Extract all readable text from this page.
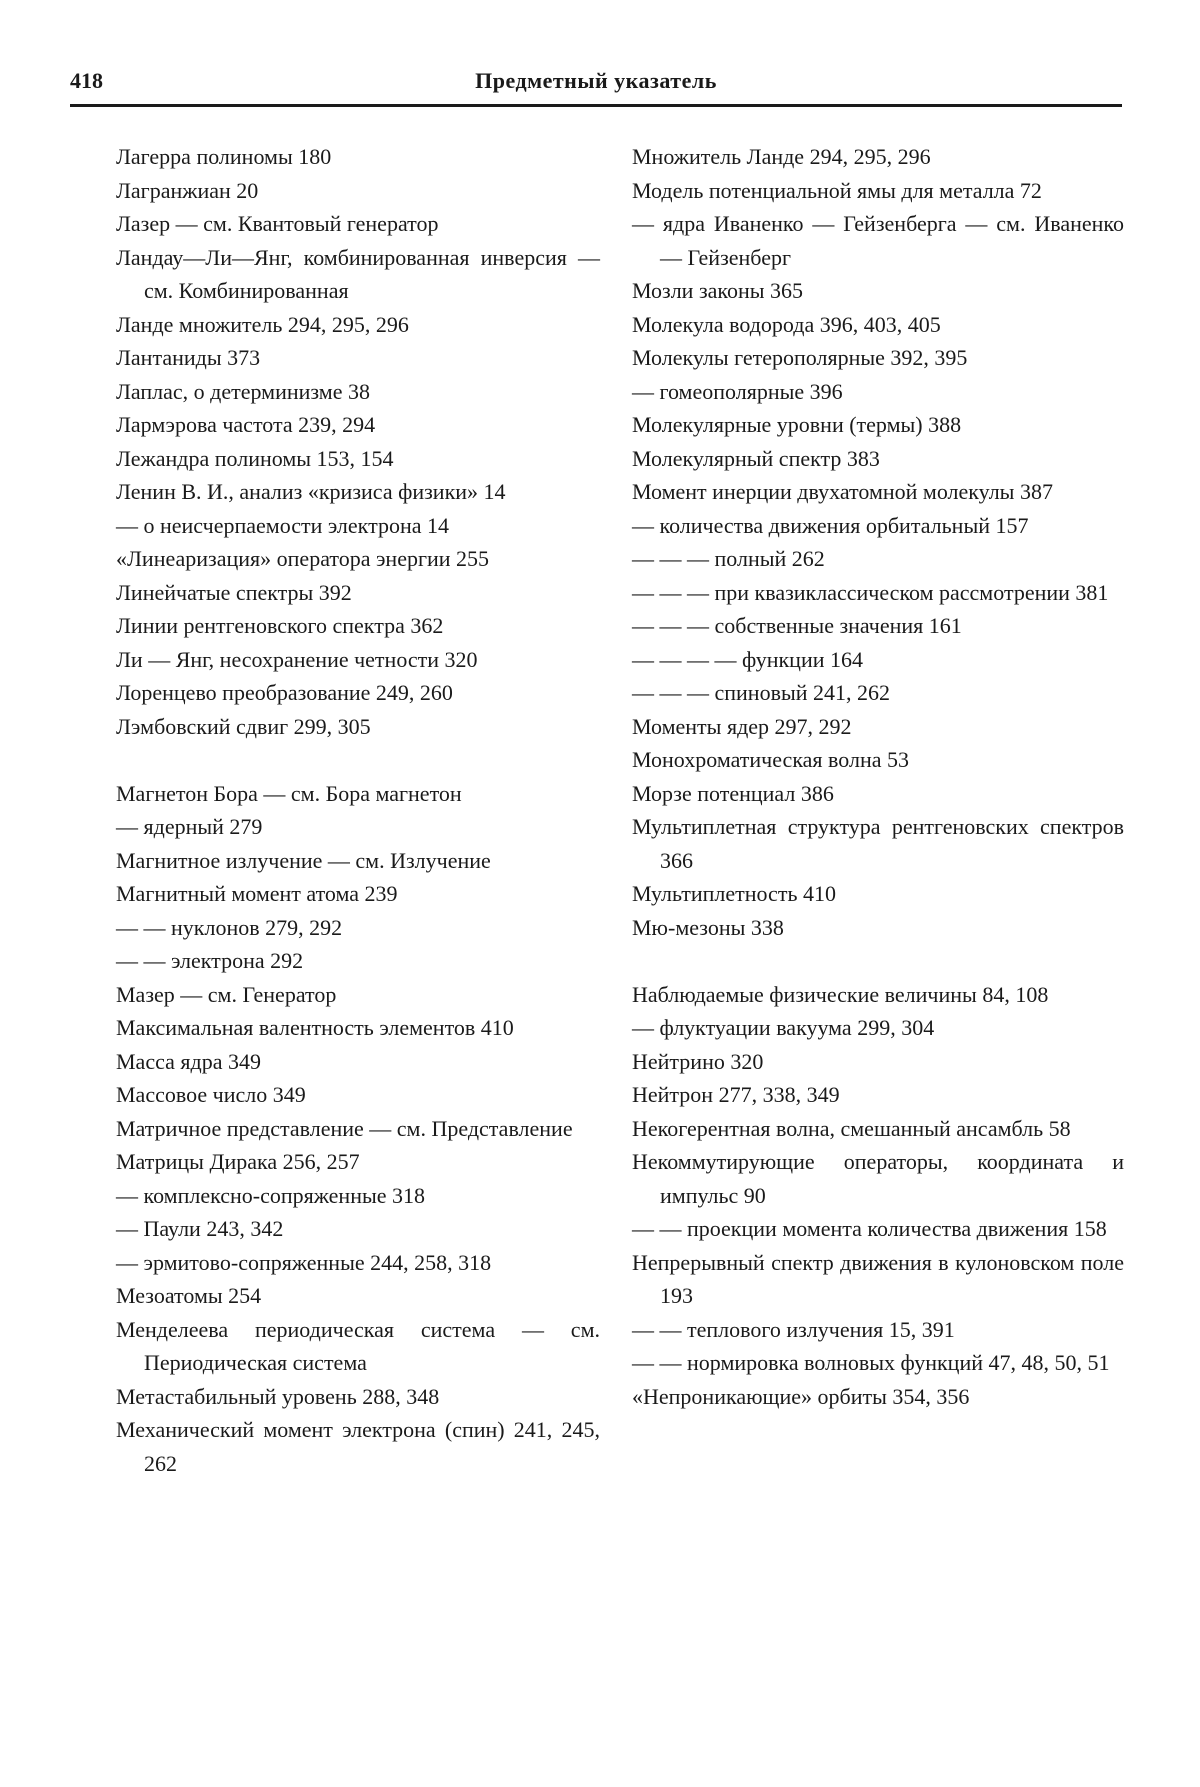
418	Предметный указатель
Лагерра полиномы 180
Лагранжиан 20
Лазер — см. Квантовый генератор
Ландау—Ли—Янг, комбинированная инверсия — см. Комбинированная
Ланде множитель 294, 295, 296
Лантаниды 373
Лаплас, о детерминизме 38
Лармэрова частота 239, 294
Лежандра полиномы 153, 154
Ленин В. И., анализ «кризиса физики» 14
— о неисчерпаемости электрона 14
«Линеаризация» оператора энергии 255
Линейчатые спектры 392
Линии рентгеновского спектра 362
Ли — Янг, несохранение четности 320
Лоренцево преобразование 249, 260
Лэмбовский сдвиг 299, 305
Магнетон Бора — см. Бора магнетон
— ядерный 279
Магнитное излучение — см. Излучение
Магнитный момент атома 239
— — нуклонов 279, 292
— — электрона 292
Мазер — см. Генератор
Максимальная валентность элементов 410
Масса ядра 349
Массовое число 349
Матричное представление — см. Представление
Матрицы Дирака 256, 257
— комплексно-сопряженные 318
— Паули 243, 342
— эрмитово-сопряженные 244, 258, 318
Мезоатомы 254
Менделеева периодическая система — см. Периодическая система
Метастабильный уровень 288, 348
Механический момент электрона (спин) 241, 245, 262
Множитель Ланде 294, 295, 296
Модель потенциальной ямы для металла 72
— ядра Иваненко — Гейзенберга — см. Иваненко — Гейзенберг
Мозли законы 365
Молекула водорода 396, 403, 405
Молекулы гетерополярные 392, 395
— гомеополярные 396
Молекулярные уровни (термы) 388
Молекулярный спектр 383
Момент инерции двухатомной молекулы 387
— количества движения орбитальный 157
— — — полный 262
— — — при квазиклассическом рассмотрении 381
— — — собственные значения 161
— — — — функции 164
— — — спиновый 241, 262
Моменты ядер 297, 292
Монохроматическая волна 53
Морзе потенциал 386
Мультиплетная структура рентгеновских спектров 366
Мультиплетность 410
Мю-мезоны 338
Наблюдаемые физические величины 84, 108
— флуктуации вакуума 299, 304
Нейтрино 320
Нейтрон 277, 338, 349
Некогерентная волна, смешанный ансамбль 58
Некоммутирующие операторы, координата и импульс 90
— — проекции момента количества движения 158
Непрерывный спектр движения в кулоновском поле 193
— — теплового излучения 15, 391
— — нормировка волновых функций 47, 48, 50, 51
«Непроникающие» орбиты 354, 356
